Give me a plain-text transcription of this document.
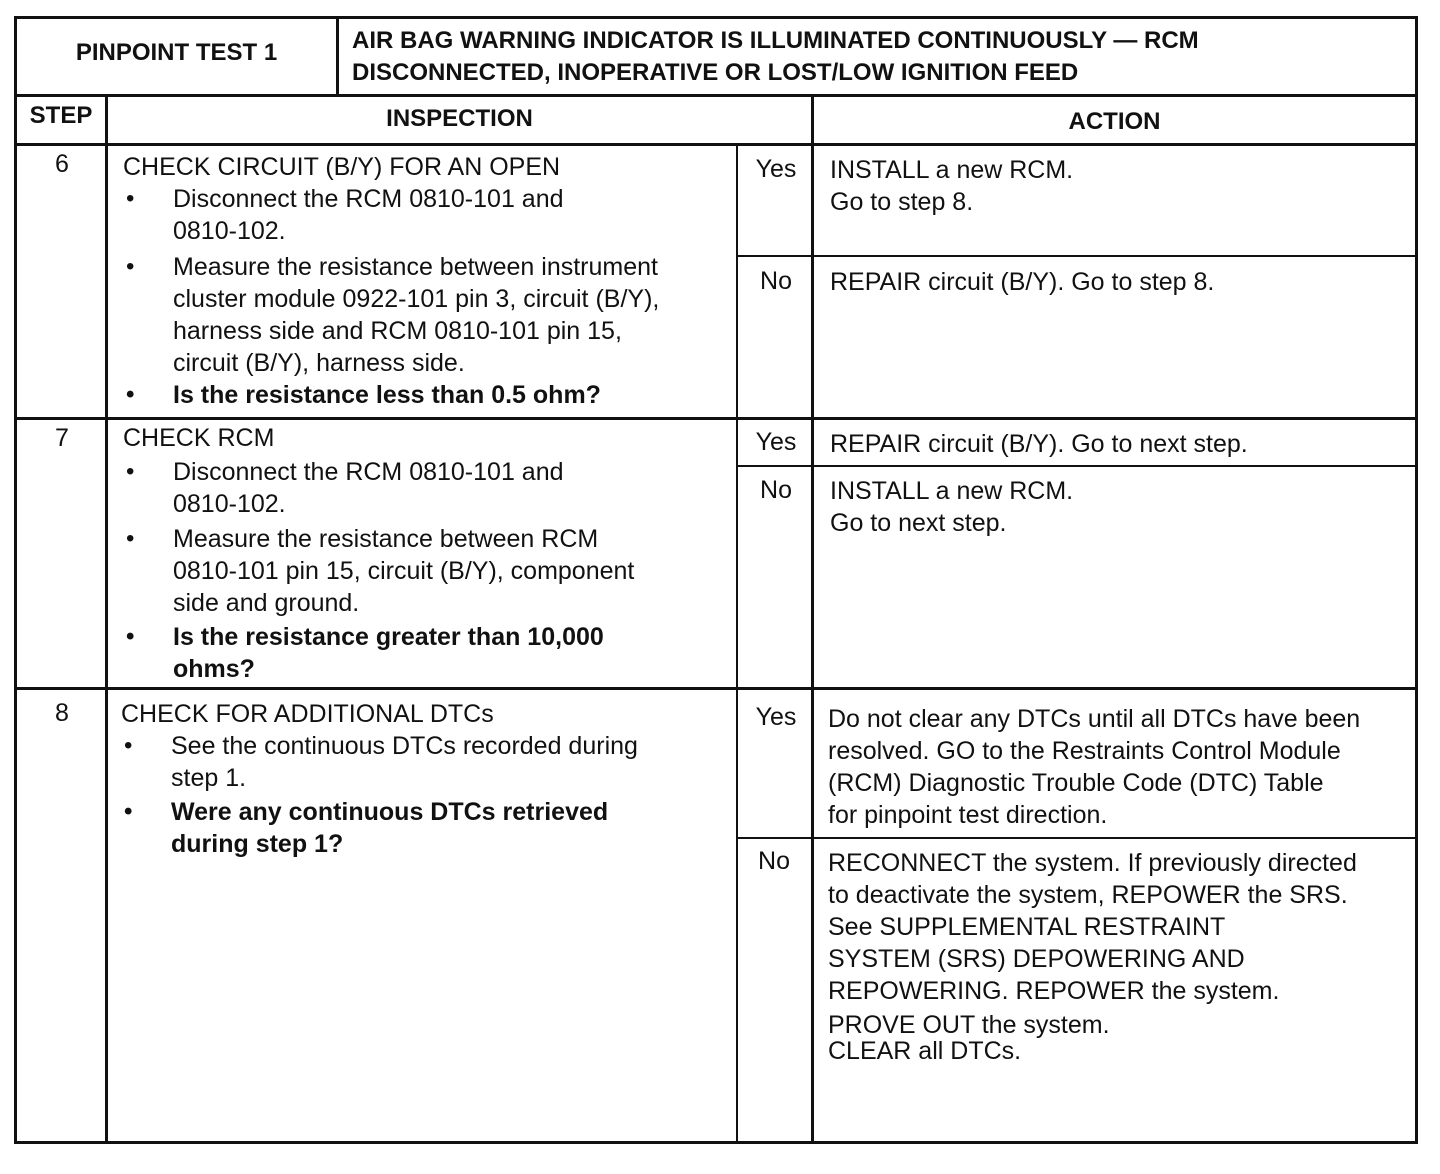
PINPOINT TEST 1	AIR BAG WARNING INDICATOR IS ILLUMINATED CONTINUOUSLY — RCM
DISCONNECTED, INOPERATIVE OR LOST/LOW IGNITION FEED
STEP	INSPECTION	ACTION
6	CHECK CIRCUIT (B/Y) FOR AN OPEN
• Disconnect the RCM 0810-101 and
0810-102.
• Measure the resistance between instrument
cluster module 0922-101 pin 3, circuit (B/Y),
harness side and RCM 0810-101 pin 15,
circuit (B/Y), harness side.
• Is the resistance less than 0.5 ohm?
Yes	INSTALL a new RCM.
Go to step 8.
No	REPAIR circuit (B/Y). Go to step 8.
7	CHECK RCM
• Disconnect the RCM 0810-101 and
0810-102.
• Measure the resistance between RCM
0810-101 pin 15, circuit (B/Y), component
side and ground.
• Is the resistance greater than 10,000
ohms?
Yes	REPAIR circuit (B/Y). Go to next step.
No	INSTALL a new RCM.
Go to next step.
8	CHECK FOR ADDITIONAL DTCs
• See the continuous DTCs recorded during
step 1.
• Were any continuous DTCs retrieved
during step 1?
Yes	Do not clear any DTCs until all DTCs have been
resolved. GO to the Restraints Control Module
(RCM) Diagnostic Trouble Code (DTC) Table
for pinpoint test direction.
No	RECONNECT the system. If previously directed
to deactivate the system, REPOWER the SRS.
See SUPPLEMENTAL RESTRAINT
SYSTEM (SRS) DEPOWERING AND
REPOWERING. REPOWER the system.
PROVE OUT the system.
CLEAR all DTCs.
